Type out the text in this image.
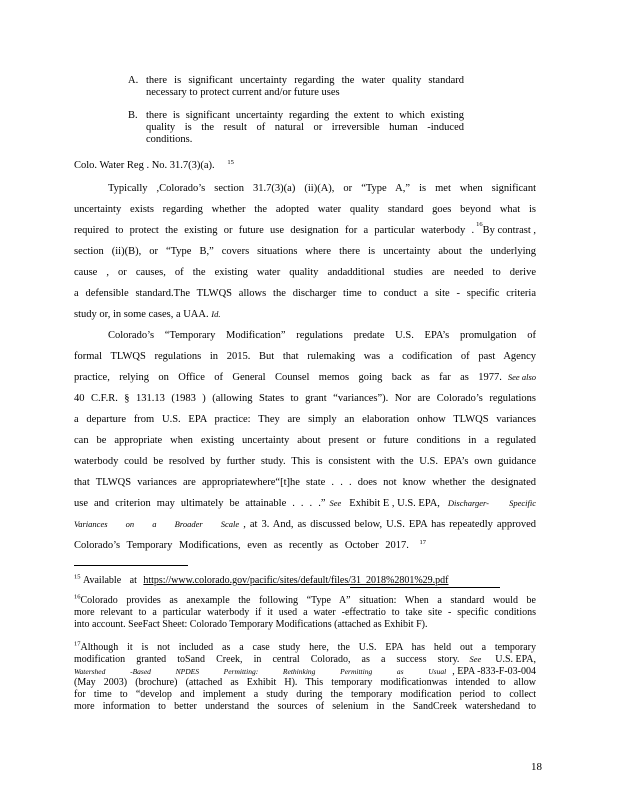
A. there is significant uncertainty regarding the water quality standard
necessary to protect current and/or future uses
B. there is significant uncertainty regarding the extent to which existing
quality is the result of natural or irreversible human -induced
conditions.
Colo. Water Reg . No. 31.7(3)(a). $^{15}$
Typically ,Colorado’s section 31.7(3)(a) (ii)(A), or “Type A,” is met when significant
uncertainty exists regarding whether the adopted water quality standard goes beyond what is
required to protect the existing or future use designation for a particular waterbody .
16
By contrast ,
section (ii)(B), or “Type B,” covers situations where there is uncertainty about the underlying
cause , or causes, of the existing water quality andadditional studies are needed to derive
a defensible standard.The TLWQS allows the discharger time to conduct a site - specific criteria
study or, in some cases, a UAA. Id.
Colorado’s “Temporary Modification” regulations predate U.S. EPA’s promulgation of
formal TLWQS regulations in 2015. But that rulemaking was a codification of past Agency
practice, relying on Office of General Counsel memos going back as far as 1977. See also
40 C.F.R. § 131.13 (1983 ) (allowing States to grant “variances”). Nor are Colorado’s regulations
a departure from U.S. EPA practice: They are simply an elaboration onhow TLWQS variances
can be appropriate when existing uncertainty about present or future conditions in a regulated
waterbody could be resolved by further study. This is consistent with the U.S. EPA’s own guidance
that TLWQS variances are appropriatewhere“[t]he state . . . does not know whether the designated
use and criterion may ultimately be attainable . . . .” See Exhibit E , U.S. EPA, Discharger- Specific
Variances on a Broader Scale , at 3. And, as discussed below, U.S. EPA has repeatedly approved
Colorado’s Temporary Modifications, even as recently as October 2017. $^{17}$
$^{15}$ Available at https://www.colorado.gov/pacific/sites/default/files/31_2018%2801%29.pdf
$^{16}$Colorado provides as anexample the following “Type A” situation: When a standard would be
more relevant to a particular waterbody if it used a water -effectratio to take site - specific conditions
into account. SeeFact Sheet: Colorado Temporary Modifications (attached as Exhibit F).
$^{17}$Although it is not included as a case study here, the U.S. EPA has held out a temporary
modification granted toSand Creek, in central Colorado, as a success story. See U.S. EPA,
Watershed -Based NPDES Permitting: Rethinking Permitting as Usual , EPA -833-F-03-004
(May 2003) (brochure) (attached as Exhibit H). This temporary modificationwas intended to allow
for time to “develop and implement a study during the temporary modification period to collect
more information to better understand the sources of selenium in the SandCreek watershedand to
18
